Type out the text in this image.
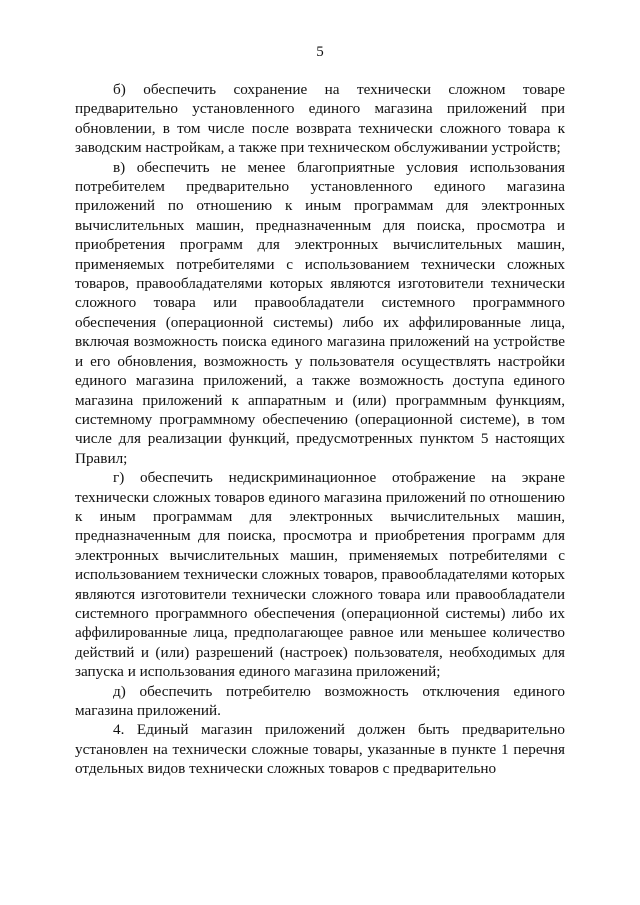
5

б) обеспечить сохранение на технически сложном товаре предварительно установленного единого магазина приложений при обновлении, в том числе после возврата технически сложного товара к заводским настройкам, а также при техническом обслуживании устройств;

в) обеспечить не менее благоприятные условия использования потребителем предварительно установленного единого магазина приложений по отношению к иным программам для электронных вычислительных машин, предназначенным для поиска, просмотра и приобретения программ для электронных вычислительных машин, применяемых потребителями с использованием технически сложных товаров, правообладателями которых являются изготовители технически сложного товара или правообладатели системного программного обеспечения (операционной системы) либо их аффилированные лица, включая возможность поиска единого магазина приложений на устройстве и его обновления, возможность у пользователя осуществлять настройки единого магазина приложений, а также возможность доступа единого магазина приложений к аппаратным и (или) программным функциям, системному программному обеспечению (операционной системе), в том числе для реализации функций, предусмотренных пунктом 5 настоящих Правил;

г) обеспечить недискриминационное отображение на экране технически сложных товаров единого магазина приложений по отношению к иным программам для электронных вычислительных машин, предназначенным для поиска, просмотра и приобретения программ для электронных вычислительных машин, применяемых потребителями с использованием технически сложных товаров, правообладателями которых являются изготовители технически сложного товара или правообладатели системного программного обеспечения (операционной системы) либо их аффилированные лица, предполагающее равное или меньшее количество действий и (или) разрешений (настроек) пользователя, необходимых для запуска и использования единого магазина приложений;

д) обеспечить потребителю возможность отключения единого магазина приложений.

4. Единый магазин приложений должен быть предварительно установлен на технически сложные товары, указанные в пункте 1 перечня отдельных видов технически сложных товаров с предварительно
